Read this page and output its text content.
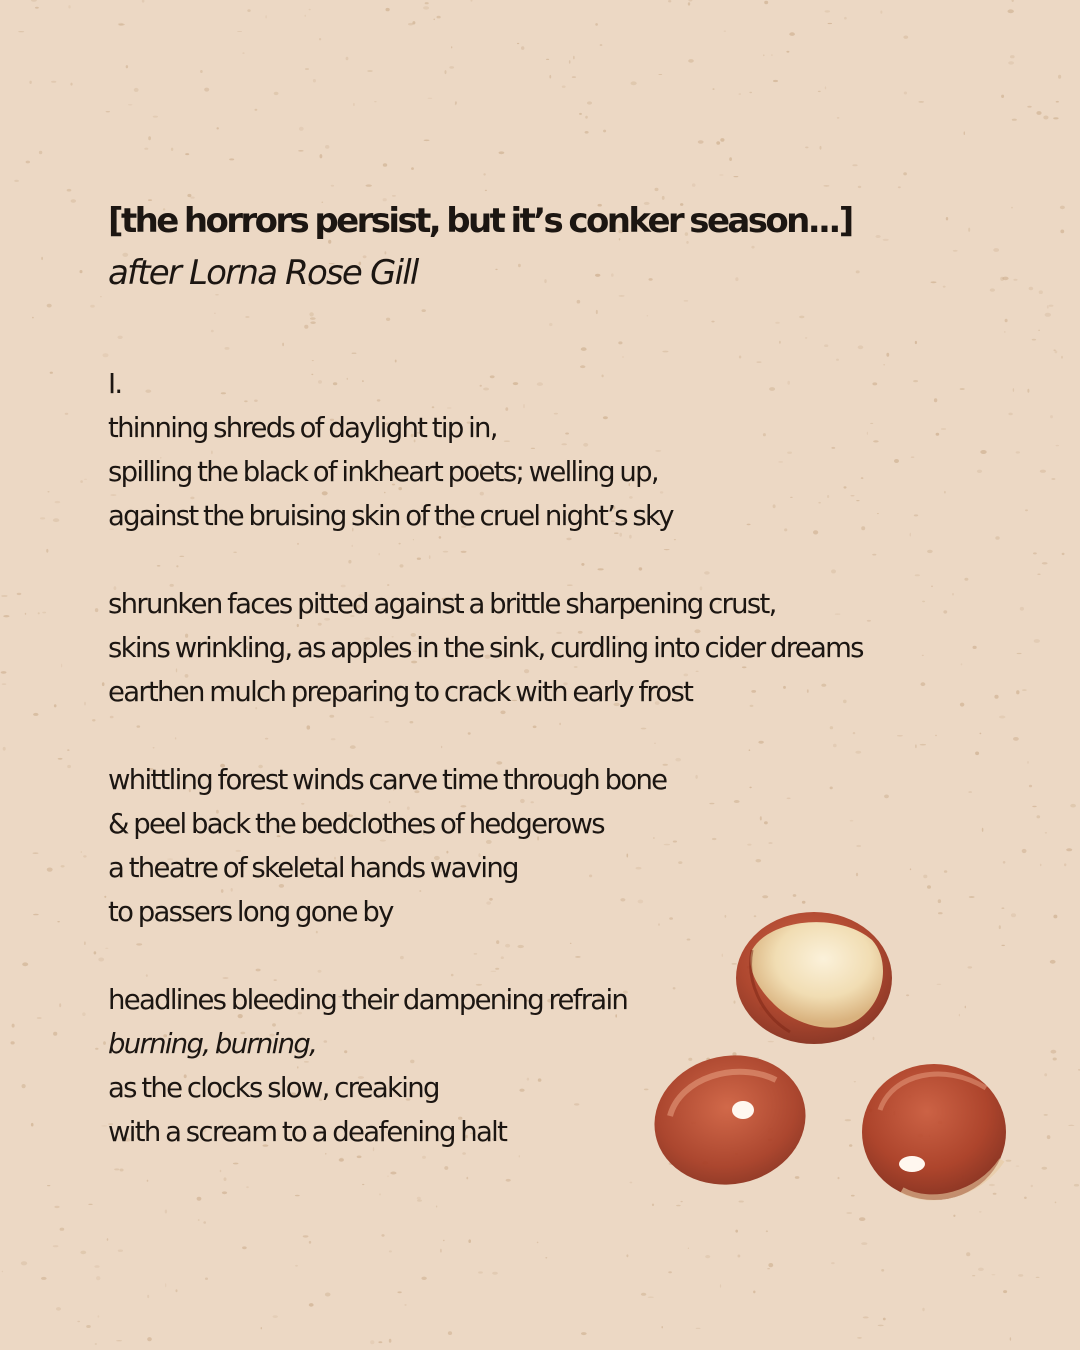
[the horrors persist, but it’s conker season...]
after Lorna Rose Gill
I.
thinning shreds of daylight tip in,
spilling the black of inkheart poets; welling up,
against the bruising skin of the cruel night’s sky
shrunken faces pitted against a brittle sharpening crust,
skins wrinkling, as apples in the sink, curdling into cider dreams
earthen mulch preparing to crack with early frost
whittling forest winds carve time through bone
& peel back the bedclothes of hedgerows
a theatre of skeletal hands waving
to passers long gone by
headlines bleeding their dampening refrain
burning, burning,
as the clocks slow, creaking
with a scream to a deafening halt
